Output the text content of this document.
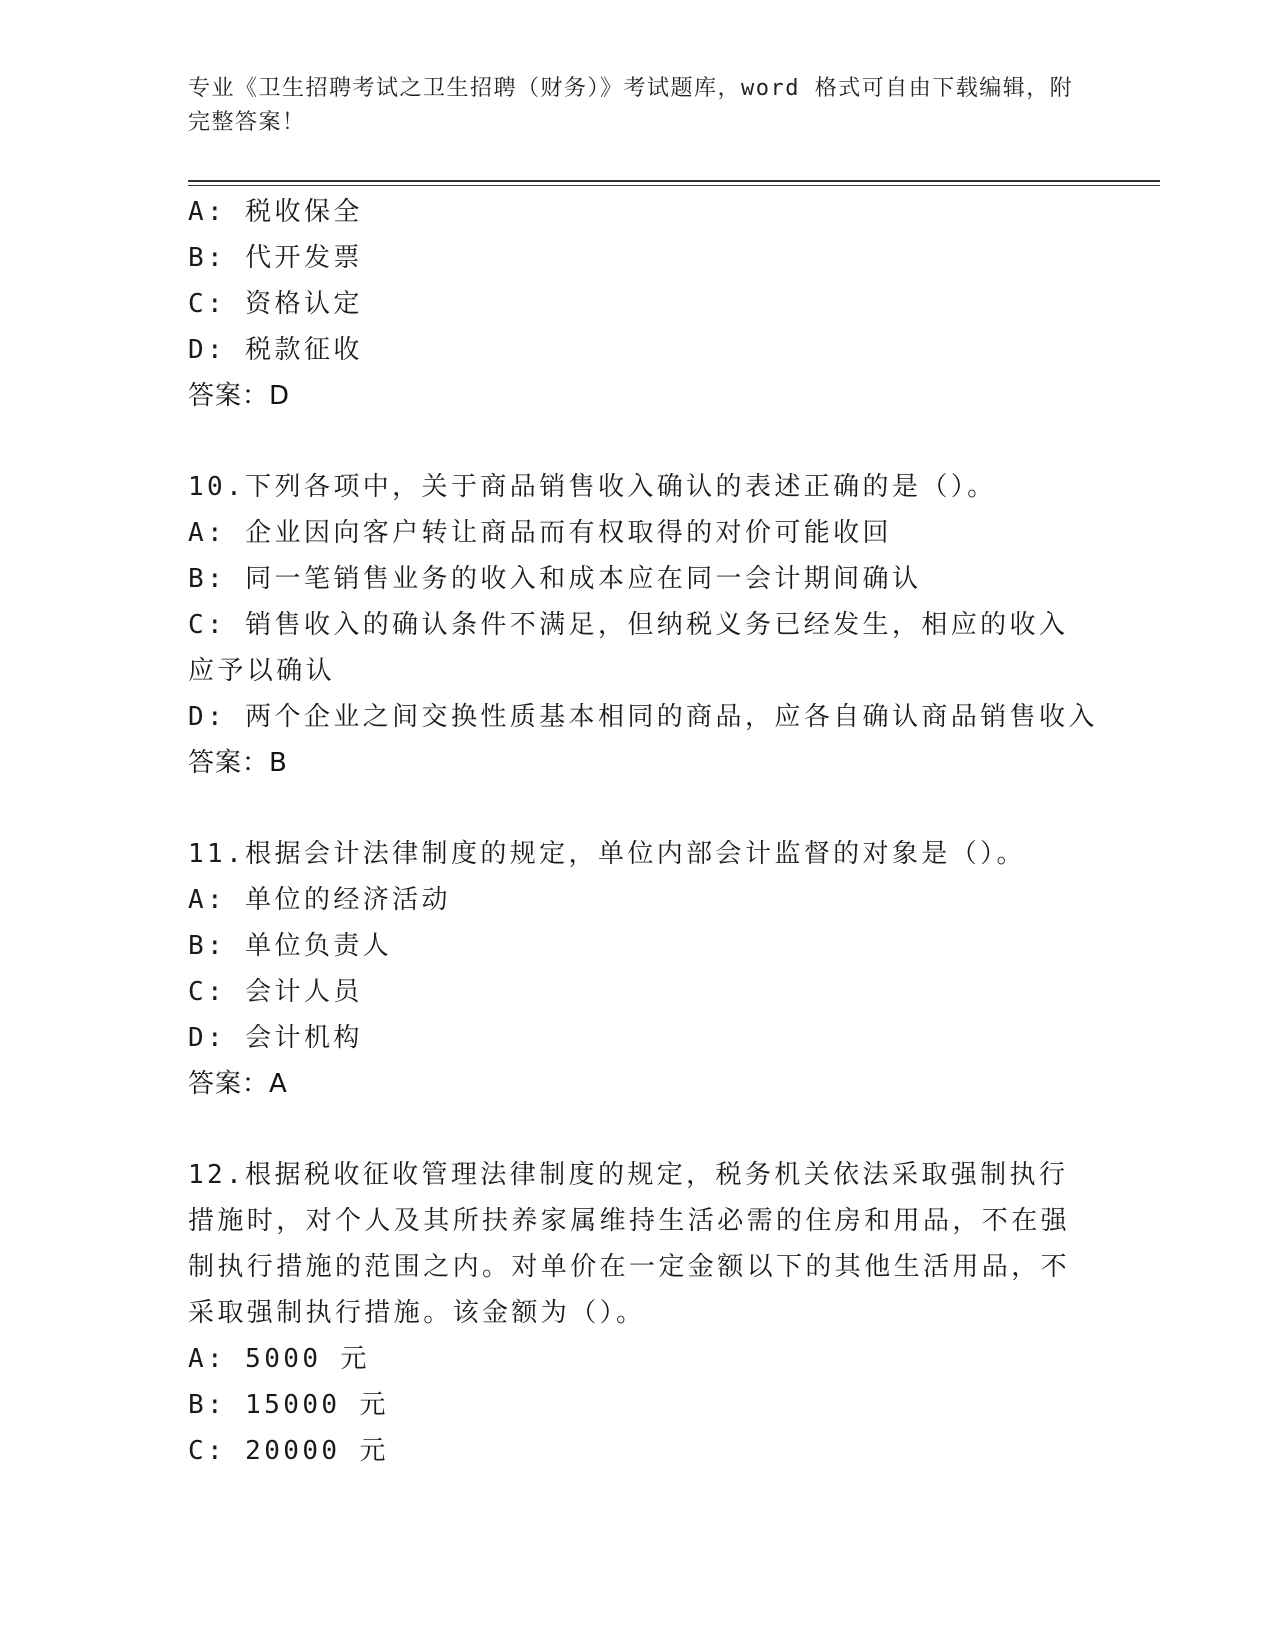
专业《卫生招聘考试之卫生招聘（财务）》考试题库，word 格式可自由下载编辑，附完整答案！
A: 税收保全
B: 代开发票
C: 资格认定
D: 税款征收
答案：D
10.下列各项中，关于商品销售收入确认的表述正确的是（）。
A: 企业因向客户转让商品而有权取得的对价可能收回
B: 同一笔销售业务的收入和成本应在同一会计期间确认
C: 销售收入的确认条件不满足，但纳税义务已经发生，相应的收入应予以确认
D: 两个企业之间交换性质基本相同的商品，应各自确认商品销售收入
答案：B
11.根据会计法律制度的规定，单位内部会计监督的对象是（）。
A: 单位的经济活动
B: 单位负责人
C: 会计人员
D: 会计机构
答案：A
12.根据税收征收管理法律制度的规定，税务机关依法采取强制执行措施时，对个人及其所扶养家属维持生活必需的住房和用品，不在强制执行措施的范围之内。对单价在一定金额以下的其他生活用品，不采取强制执行措施。该金额为（）。
A: 5000 元
B: 15000 元
C: 20000 元
